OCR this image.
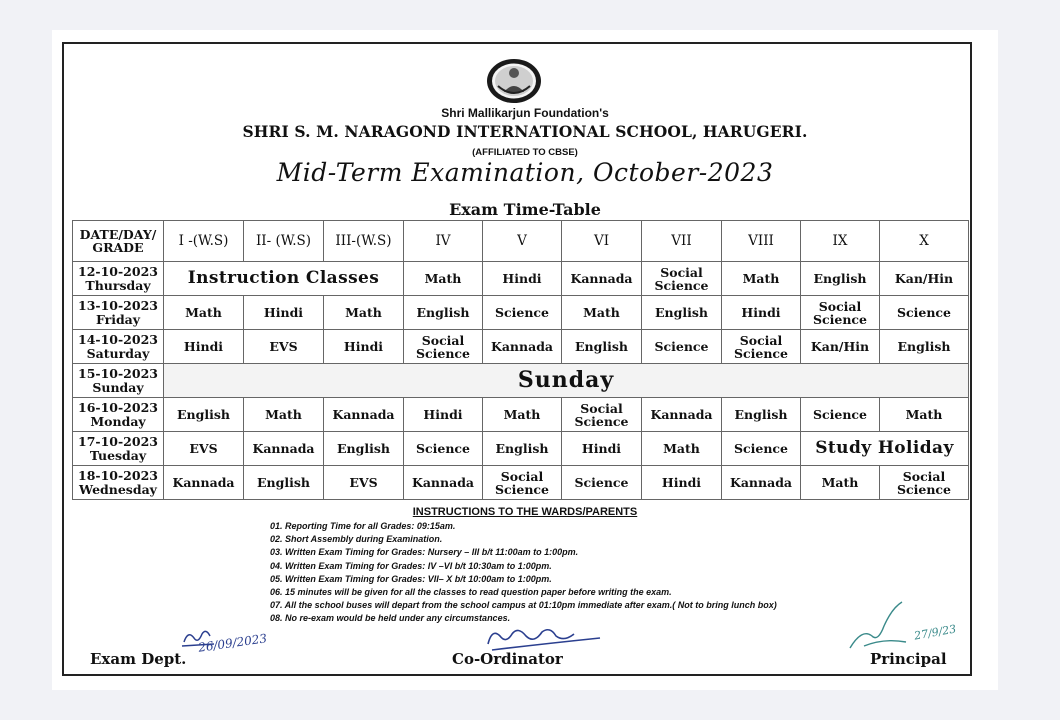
Shri Mallikarjun Foundation's
SHRI S. M. NARAGOND INTERNATIONAL SCHOOL, HARUGERI.
(AFFILIATED TO CBSE)
Mid-Term Examination, October-2023
Exam Time-Table
DATE/DAY/ GRADE	I -(W.S)	II- (W.S)	III-(W.S)	IV	V	VI	VII	VIII	IX	X
12-10-2023
Thursday	Instruction Classes			Math	Hindi	Kannada	Social Science	Math	English	Kan/Hin
13-10-2023
Friday	Math	Hindi	Math	English	Science	Math	English	Hindi	Social Science	Science
14-10-2023
Saturday	Hindi	EVS	Hindi	Social Science	Kannada	English	Science	Social Science	Kan/Hin	English
15-10-2023
Sunday	Sunday									
16-10-2023
Monday	English	Math	Kannada	Hindi	Math	Social Science	Kannada	English	Science	Math
17-10-2023
Tuesday	EVS	Kannada	English	Science	English	Hindi	Math	Science	Study Holiday	
18-10-2023
Wednesday	Kannada	English	EVS	Kannada	Social Science	Science	Hindi	Kannada	Math	Social Science
INSTRUCTIONS TO THE WARDS/PARENTS
01. Reporting Time for all Grades: 09:15am.
02. Short Assembly during Examination.
03. Written Exam Timing for Grades: Nursery – III b/t 11:00am to 1:00pm.
04. Written Exam Timing for Grades: IV –VI b/t 10:30am to 1:00pm.
05. Written Exam Timing for Grades: VII– X b/t 10:00am to 1:00pm.
06. 15 minutes will be given for all the classes to read question paper before writing the exam.
07. All the school buses will depart from the school campus at 01:10pm immediate after exam.( Not to bring lunch box)
08. No re-exam would be held under any circumstances.
Exam Dept.
26/09/2023
Co-Ordinator
27/9/23
Principal
